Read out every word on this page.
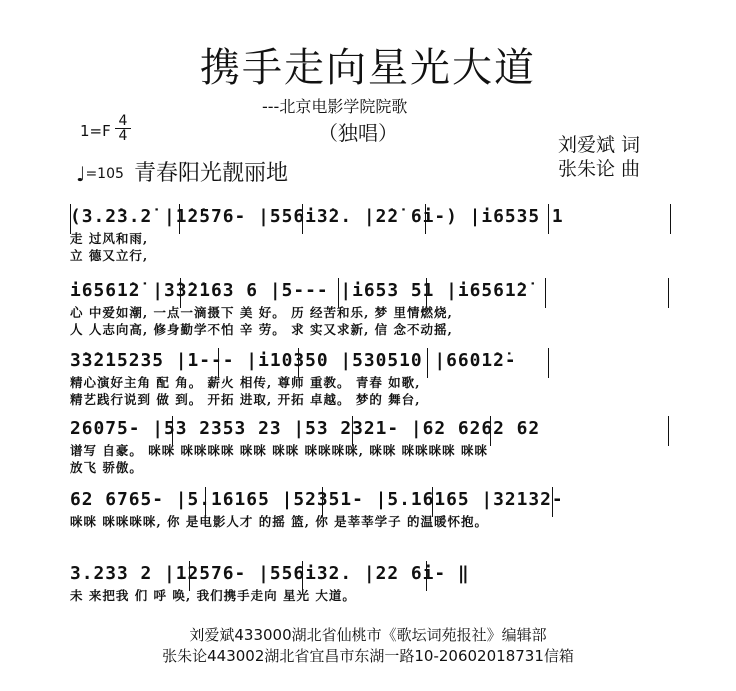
携手走向星光大道
---北京电影学院院歌
（独唱）
$1=F \frac{4}{4}$
刘爱斌 词
张朱论 曲
♩=105 青春阳光靓丽地
(3.2̇3.2̇ |1̇2̇576- |556i3̇2. |2̇2̇ 6i-) |i6535 1
走 过风和雨,
立 德又立行,
i6561̇2̇ |3̇3̇2̇163 6 |5--- |i653 51 |i6561̇2̇
心 中爱如潮, 一点一滴摄下 美 好。 历 经苦和乐, 梦 里情燃烧,
人 人志向高, 修身勤学不怕 辛 劳。 求 实又求新, 信 念不动摇,
3̇3̇2̇15235 |1--- |i10350 |530510 |6601̇2̇-
精心演好主角 配 角。 薪火 相传, 尊师 重教。 青春 如歌,
精艺践行说到 做 到。 开拓 进取, 开拓 卓越。 梦的 舞台,
26075- |53 2353 23 |53 2321- |62 6262 62
谱写 自豪。 咪咪 咪咪咪咪 咪咪 咪咪 咪咪咪咪, 咪咪 咪咪咪咪 咪咪
放飞 骄傲。
62 6765- |5.16165 |52351- |5.16165 |32132-
咪咪 咪咪咪咪, 你 是电影人才 的摇 篮, 你 是莘莘学子 的温暖怀抱。
3.233 2 |12576- |556i32. |22 6i- ‖
未 来把我 们 呼 唤, 我们携手走向 星光 大道。
刘爱斌433000湖北省仙桃市《歌坛词苑报社》编辑部
张朱论443002湖北省宜昌市东湖一路10-20602018731信箱
